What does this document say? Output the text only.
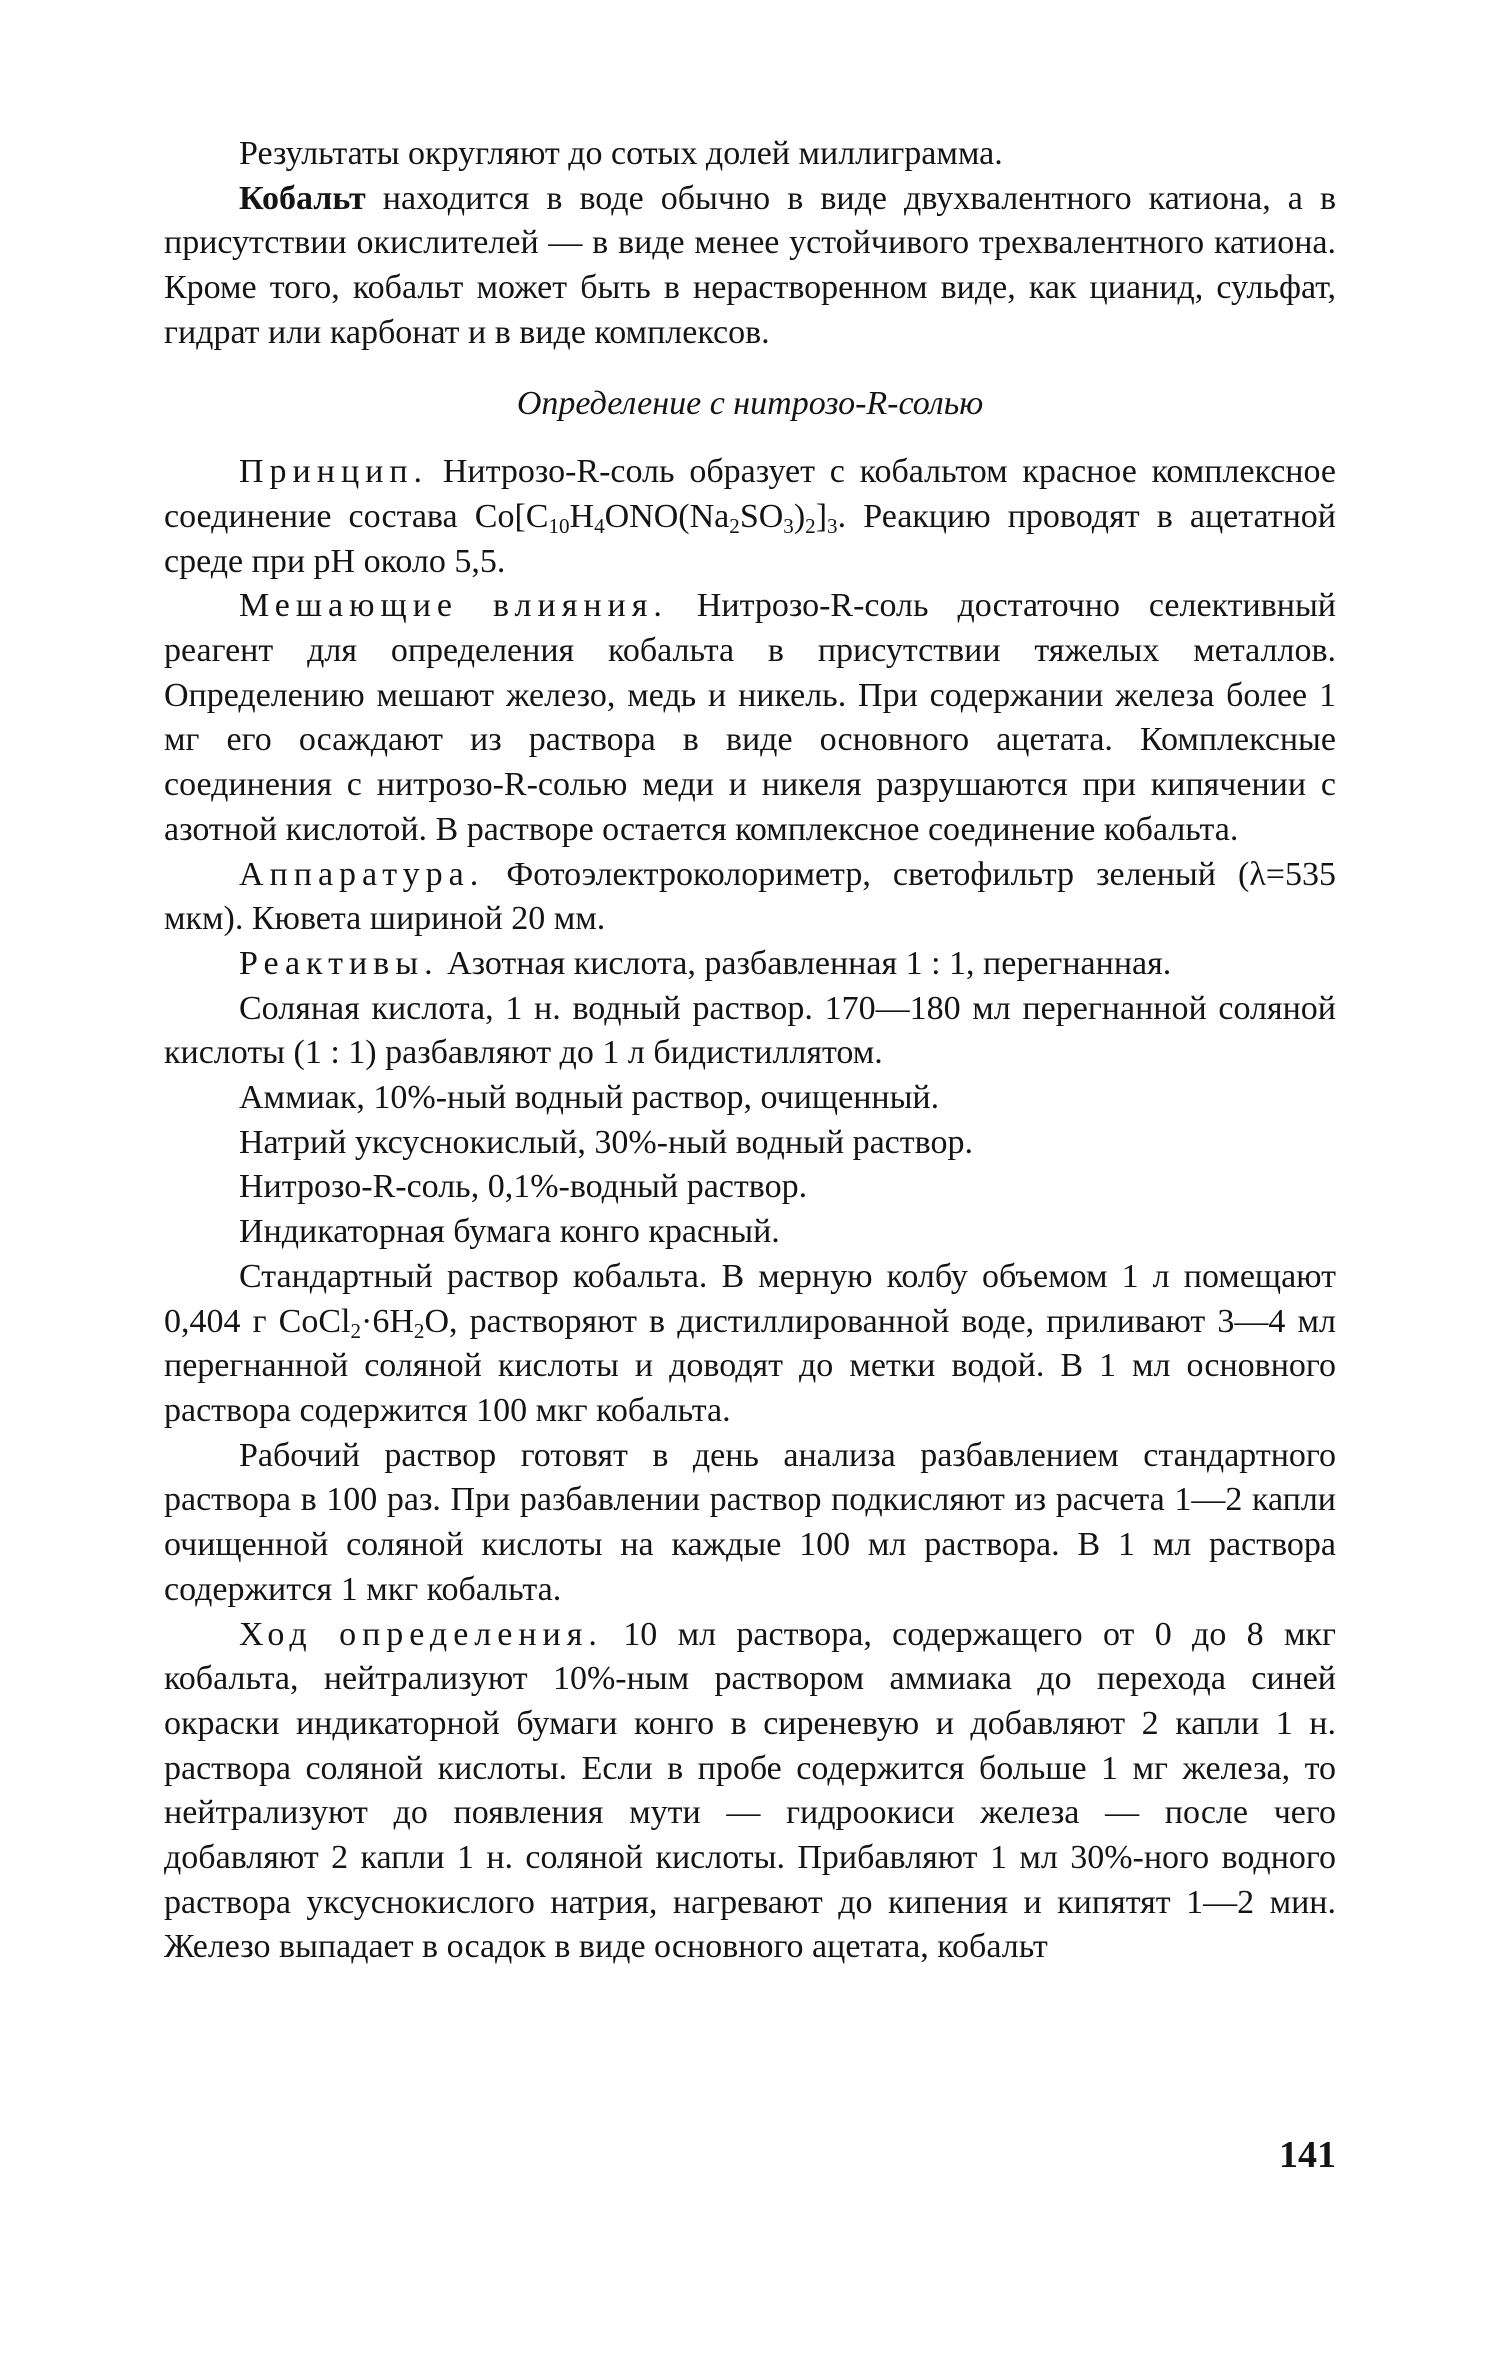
Результаты округляют до сотых долей миллиграмма.

Кобальт находится в воде обычно в виде двухвалентного катиона, а в присутствии окислителей — в виде менее устойчивого трехвалентного катиона. Кроме того, кобальт может быть в нерастворенном виде, как цианид, сульфат, гидрат или карбонат и в виде комплексов.

Определение с нитрозо-R-солью

Принцип. Нитрозо-R-соль образует с кобальтом красное комплексное соединение состава $Co[C_{10}H_4ONO(Na_2SO_3)_2]_3$. Реакцию проводят в ацетатной среде при pH около 5,5.

Мешающие влияния. Нитрозо-R-соль достаточно селективный реагент для определения кобальта в присутствии тяжелых металлов. Определению мешают железо, медь и никель. При содержании железа более 1 мг его осаждают из раствора в виде основного ацетата. Комплексные соединения с нитрозо-R-солью меди и никеля разрушаются при кипячении с азотной кислотой. В растворе остается комплексное соединение кобальта.

Аппаратура. Фотоэлектроколориметр, светофильтр зеленый (λ=535 мкм). Кювета шириной 20 мм.

Реактивы. Азотная кислота, разбавленная 1 : 1, перегнанная.

Соляная кислота, 1 н. водный раствор. 170—180 мл перегнанной соляной кислоты (1 : 1) разбавляют до 1 л бидистиллятом.

Аммиак, 10%-ный водный раствор, очищенный.

Натрий уксуснокислый, 30%-ный водный раствор.

Нитрозо-R-соль, 0,1%-водный раствор.

Индикаторная бумага конго красный.

Стандартный раствор кобальта. В мерную колбу объемом 1 л помещают 0,404 г $CoCl_2\cdot 6H_2O$, растворяют в дистиллированной воде, приливают 3—4 мл перегнанной соляной кислоты и доводят до метки водой. В 1 мл основного раствора содержится 100 мкг кобальта.

Рабочий раствор готовят в день анализа разбавлением стандартного раствора в 100 раз. При разбавлении раствор подкисляют из расчета 1—2 капли очищенной соляной кислоты на каждые 100 мл раствора. В 1 мл раствора содержится 1 мкг кобальта.

Ход определения. 10 мл раствора, содержащего от 0 до 8 мкг кобальта, нейтрализуют 10%-ным раствором аммиака до перехода синей окраски индикаторной бумаги конго в сиреневую и добавляют 2 капли 1 н. раствора соляной кислоты. Если в пробе содержится больше 1 мг железа, то нейтрализуют до появления мути — гидроокиси железа — после чего добавляют 2 капли 1 н. соляной кислоты. Прибавляют 1 мл 30%-ного водного раствора уксуснокислого натрия, нагревают до кипения и кипятят 1—2 мин. Железо выпадает в осадок в виде основного ацетата, кобальт

141
